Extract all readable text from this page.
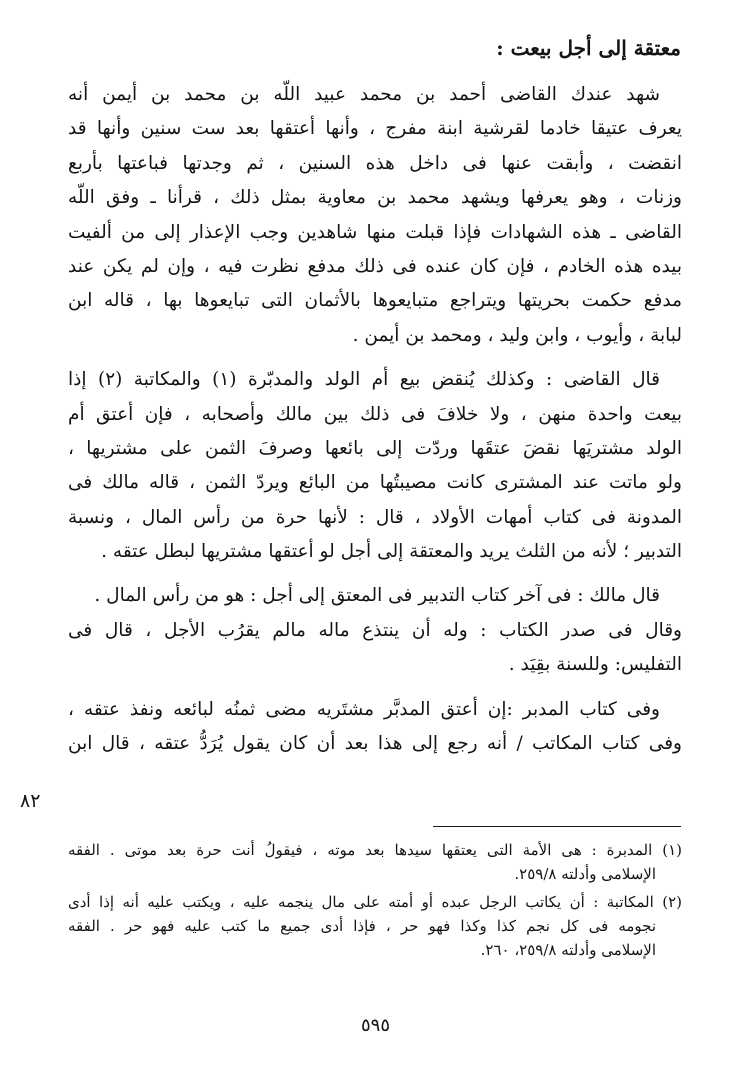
معتقة إلى أجل بيعت :
شهد عندك القاضى أحمد بن محمد عبيد اللّه بن محمد بن أيمن أنه
يعرف عتيقا خادما لقرشية ابنة مفرج ، وأنها أعتقها بعد ست سنين وأنها قد
انقضت ، وأبقت عنها فى داخل هذه السنين ، ثم وجدتها فباعتها بأربع
وزنات ، وهو يعرفها ويشهد محمد بن معاوية بمثل ذلك ، قرأنا ـ وفق اللّه
القاضى ـ هذه الشهادات فإذا قبلت منها شاهدين وجب الإعذار إلى من ألفيت
بيده هذه الخادم ، فإن كان عنده فى ذلك مدفع نظرت فيه ، وإن لم يكن عند
مدفع حكمت بحريتها ويتراجع متبايعوها بالأثمان التى تبايعوها بها ، قاله ابن
لبابة ، وأيوب ، وابن وليد ، ومحمد بن أيمن .
قال القاضى : وكذلك يُنقض بيع أم الولد والمدبّرة (١) والمكاتبة (٢) إذا
بيعت واحدة منهن ، ولا خلافَ فى ذلك بين مالك وأصحابه ، فإن أعتق أم
الولد مشتريَها نقضَ عتقَها وردّت إلى بائعها وصرفَ الثمن على مشتريها ،
ولو ماتت عند المشترى كانت مصيبتُها من البائع ويردّ الثمن ، قاله مالك فى
المدونة فى كتاب أمهات الأولاد ، قال : لأنها حرة من رأس المال ، ونسبة
التدبير ؛ لأنه من الثلث يريد والمعتقة إلى أجل لو أعتقها مشتريها لبطل عتقه .
قال مالك : فى آخر كتاب التدبير فى المعتق إلى أجل : هو من رأس المال .
وقال فى صدر الكتاب : وله أن ينتذع ماله مالم يقرُب الأجل ، قال فى
التفليس: وللسنة بقِيَد .
وفى كتاب المدبر :إن أعتق المدبَّر مشتَريه مضى ثمنُه لبائعه ونفذ عتقه ،
وفى كتاب المكاتب / أنه رجع إلى هذا بعد أن كان يقول يُرَدُّ عتقه ، قال ابن
٨٢
(١) المدبرة : هى الأمة التى يعتقها سيدها بعد موته ، فيقولُ أنت حرة بعد موتى . الفقه
الإسلامى وأدلته ٢٥٩/٨.
(٢) المكاتبة : أن يكاتب الرجل عبده أو أمته على مال ينجمه عليه ، ويكتب عليه أنه إذا أدى
نجومه فى كل نجم كذا وكذا فهو حر ، فإذا أدى جميع ما كتب عليه فهو حر . الفقه
الإسلامى وأدلته ٢٥٩/٨، ٢٦٠.
٥٩٥
